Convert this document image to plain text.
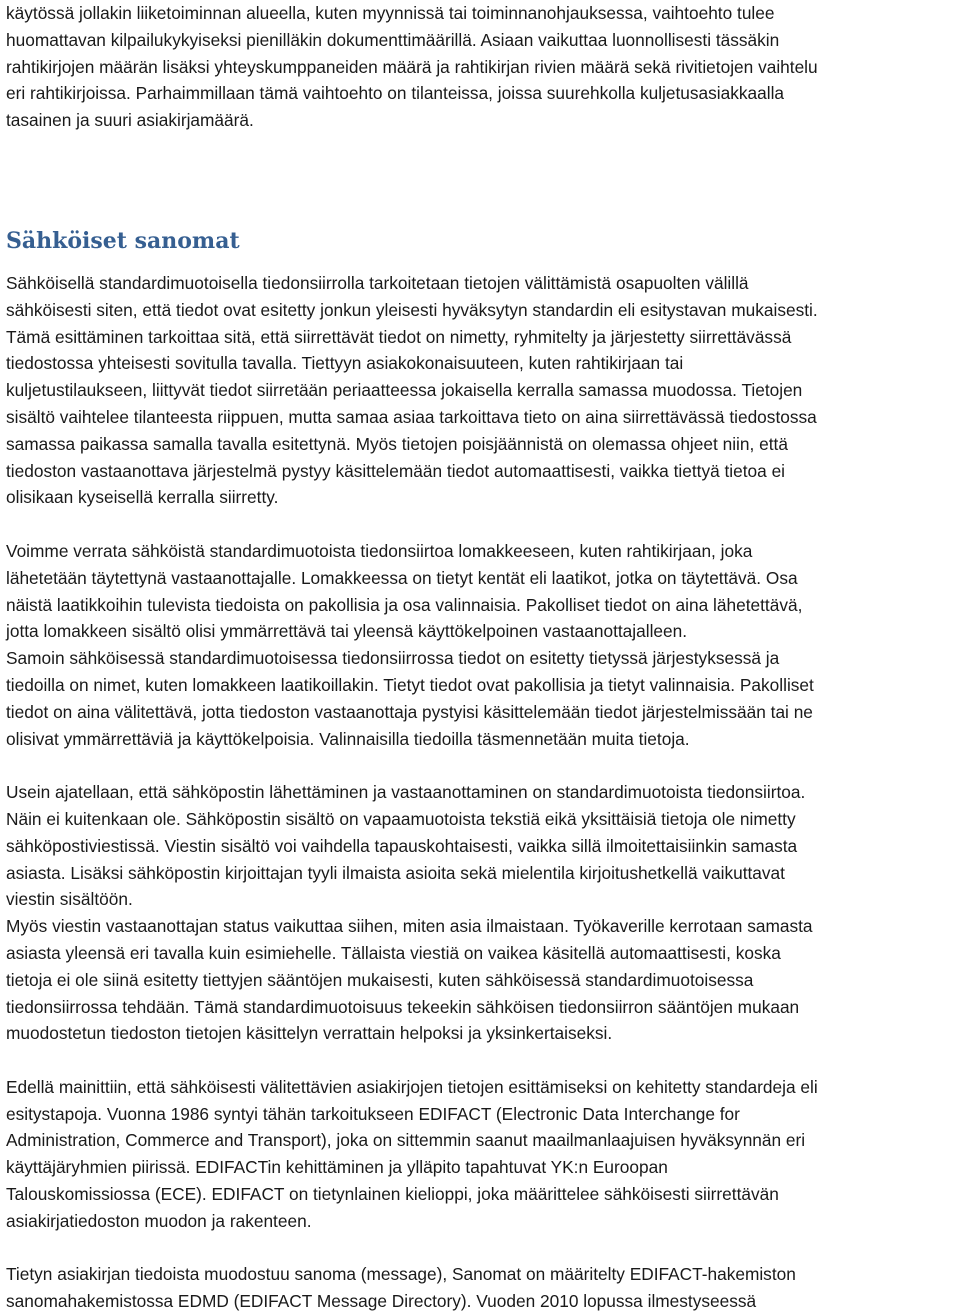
käytössä jollakin liiketoiminnan alueella, kuten myynnissä tai toiminnanohjauksessa, vaihtoehto tulee
huomattavan kilpailukykyiseksi pienilläkin dokumenttimäärillä. Asiaan vaikuttaa luonnollisesti tässäkin
rahtikirjojen määrän lisäksi yhteyskumppaneiden määrä ja rahtikirjan rivien määrä sekä rivitietojen vaihtelu
eri rahtikirjoissa. Parhaimmillaan tämä vaihtoehto on tilanteissa, joissa suurehkolla kuljetusasiakkaalla
tasainen ja suuri asiakirjamäärä.
Sähköiset sanomat
Sähköisellä standardimuotoisella tiedonsiirrolla tarkoitetaan tietojen välittämistä osapuolten välillä
sähköisesti siten, että tiedot ovat esitetty jonkun yleisesti hyväksytyn standardin eli esitystavan mukaisesti.
Tämä esittäminen tarkoittaa sitä, että siirrettävät tiedot on nimetty, ryhmitelty ja järjestetty siirrettävässä
tiedostossa yhteisesti sovitulla tavalla. Tiettyyn asiakokonaisuuteen, kuten rahtikirjaan tai
kuljetustilaukseen, liittyvät tiedot siirretään periaatteessa jokaisella kerralla samassa muodossa. Tietojen
sisältö vaihtelee tilanteesta riippuen, mutta samaa asiaa tarkoittava tieto on aina siirrettävässä tiedostossa
samassa paikassa samalla tavalla esitettynä. Myös tietojen poisjäännistä on olemassa ohjeet niin, että
tiedoston vastaanottava järjestelmä pystyy käsittelemään tiedot automaattisesti, vaikka tiettyä tietoa ei
olisikaan kyseisellä kerralla siirretty.
Voimme verrata sähköistä standardimuotoista tiedonsiirtoa lomakkeeseen, kuten rahtikirjaan, joka
lähetetään täytettynä vastaanottajalle. Lomakkeessa on tietyt kentät eli laatikot, jotka on täytettävä. Osa
näistä laatikkoihin tulevista tiedoista on pakollisia ja osa valinnaisia. Pakolliset tiedot on aina lähetettävä,
jotta lomakkeen sisältö olisi ymmärrettävä tai yleensä käyttökelpoinen vastaanottajalleen.
Samoin sähköisessä standardimuotoisessa tiedonsiirrossa tiedot on esitetty tietyssä järjestyksessä ja
tiedoilla on nimet, kuten lomakkeen laatikoillakin. Tietyt tiedot ovat pakollisia ja tietyt valinnaisia. Pakolliset
tiedot on aina välitettävä, jotta tiedoston vastaanottaja pystyisi käsittelemään tiedot järjestelmissään tai ne
olisivat ymmärrettäviä ja käyttökelpoisia. Valinnaisilla tiedoilla täsmennetään muita tietoja.
Usein ajatellaan, että sähköpostin lähettäminen ja vastaanottaminen on standardimuotoista tiedonsiirtoa.
Näin ei kuitenkaan ole. Sähköpostin sisältö on vapaamuotoista tekstiä eikä yksittäisiä tietoja ole nimetty
sähköpostiviestissä. Viestin sisältö voi vaihdella tapauskohtaisesti, vaikka sillä ilmoitettaisiinkin samasta
asiasta. Lisäksi sähköpostin kirjoittajan tyyli ilmaista asioita sekä mielentila kirjoitushetkellä vaikuttavat
viestin sisältöön.
Myös viestin vastaanottajan status vaikuttaa siihen, miten asia ilmaistaan. Työkaverille kerrotaan samasta
asiasta yleensä eri tavalla kuin esimiehelle. Tällaista viestiä on vaikea käsitellä automaattisesti, koska
tietoja ei ole siinä esitetty tiettyjen sääntöjen mukaisesti, kuten sähköisessä standardimuotoisessa
tiedonsiirrossa tehdään. Tämä standardimuotoisuus tekeekin sähköisen tiedonsiirron sääntöjen mukaan
muodostetun tiedoston tietojen käsittelyn verrattain helpoksi ja yksinkertaiseksi.
Edellä mainittiin, että sähköisesti välitettävien asiakirjojen tietojen esittämiseksi on kehitetty standardeja eli
esitystapoja. Vuonna 1986 syntyi tähän tarkoitukseen EDIFACT (Electronic Data Interchange for
Administration, Commerce and Transport), joka on sittemmin saanut maailmanlaajuisen hyväksynnän eri
käyttäjäryhmien piirissä. EDIFACTin kehittäminen ja ylläpito tapahtuvat YK:n Euroopan
Talouskomissiossa (ECE). EDIFACT on tietynlainen kielioppi, joka määrittelee sähköisesti siirrettävän
asiakirjatiedoston muodon ja rakenteen.
Tietyn asiakirjan tiedoista muodostuu sanoma (message), Sanomat on määritelty EDIFACT-hakemiston
sanomahakemistossa EDMD (EDIFACT Message Directory). Vuoden 2010 lopussa ilmestyseessä
